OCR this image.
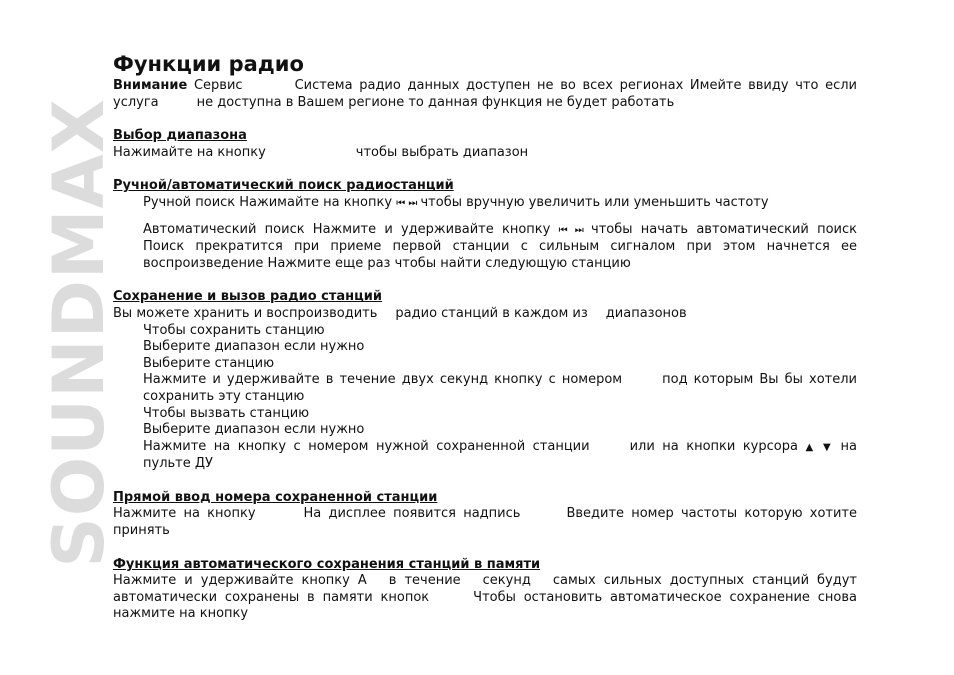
SOUNDMAX
Функции радио

Внимание Сервис	Система радио данных доступен не во всех регионах Имейте ввиду что если услуга	не доступна в Вашем регионе то данная функция не будет работать

Выбор диапазона

Нажимайте на кнопку	чтобы выбрать диапазон

Ручной/автоматический поиск радиостанций

Ручной поиск Нажимайте на кнопку ⏮ ⏭ чтобы вручную увеличить или уменьшить частоту

Автоматический поиск Нажмите и удерживайте кнопку ⏮ ⏭ чтобы начать автоматический поиск Поиск прекратится при приеме первой станции с сильным сигналом при этом начнется ее воспроизведение Нажмите еще раз чтобы найти следующую станцию

Сохранение и вызов радио станций

Вы можете хранить и воспроизводить радио станций в каждом из диапазонов

Чтобы сохранить станцию

Выберите диапазон если нужно

Выберите станцию

Нажмите и удерживайте в течение двух секунд кнопку с номером	под которым Вы бы хотели сохранить эту станцию

Чтобы вызвать станцию

Выберите диапазон если нужно

Нажмите на кнопку с номером нужной сохраненной станции	или на кнопки курсора ▲ ▼ на пульте ДУ

Прямой ввод номера сохраненной станции

Нажмите на кнопку	На дисплее появится надпись	Введите номер частоты которую хотите принять

Функция автоматического сохранения станций в памяти

Нажмите и удерживайте кнопку А в течение секунд самых сильных доступных станций будут автоматически сохранены в памяти кнопок	Чтобы остановить автоматическое сохранение снова нажмите на кнопку
